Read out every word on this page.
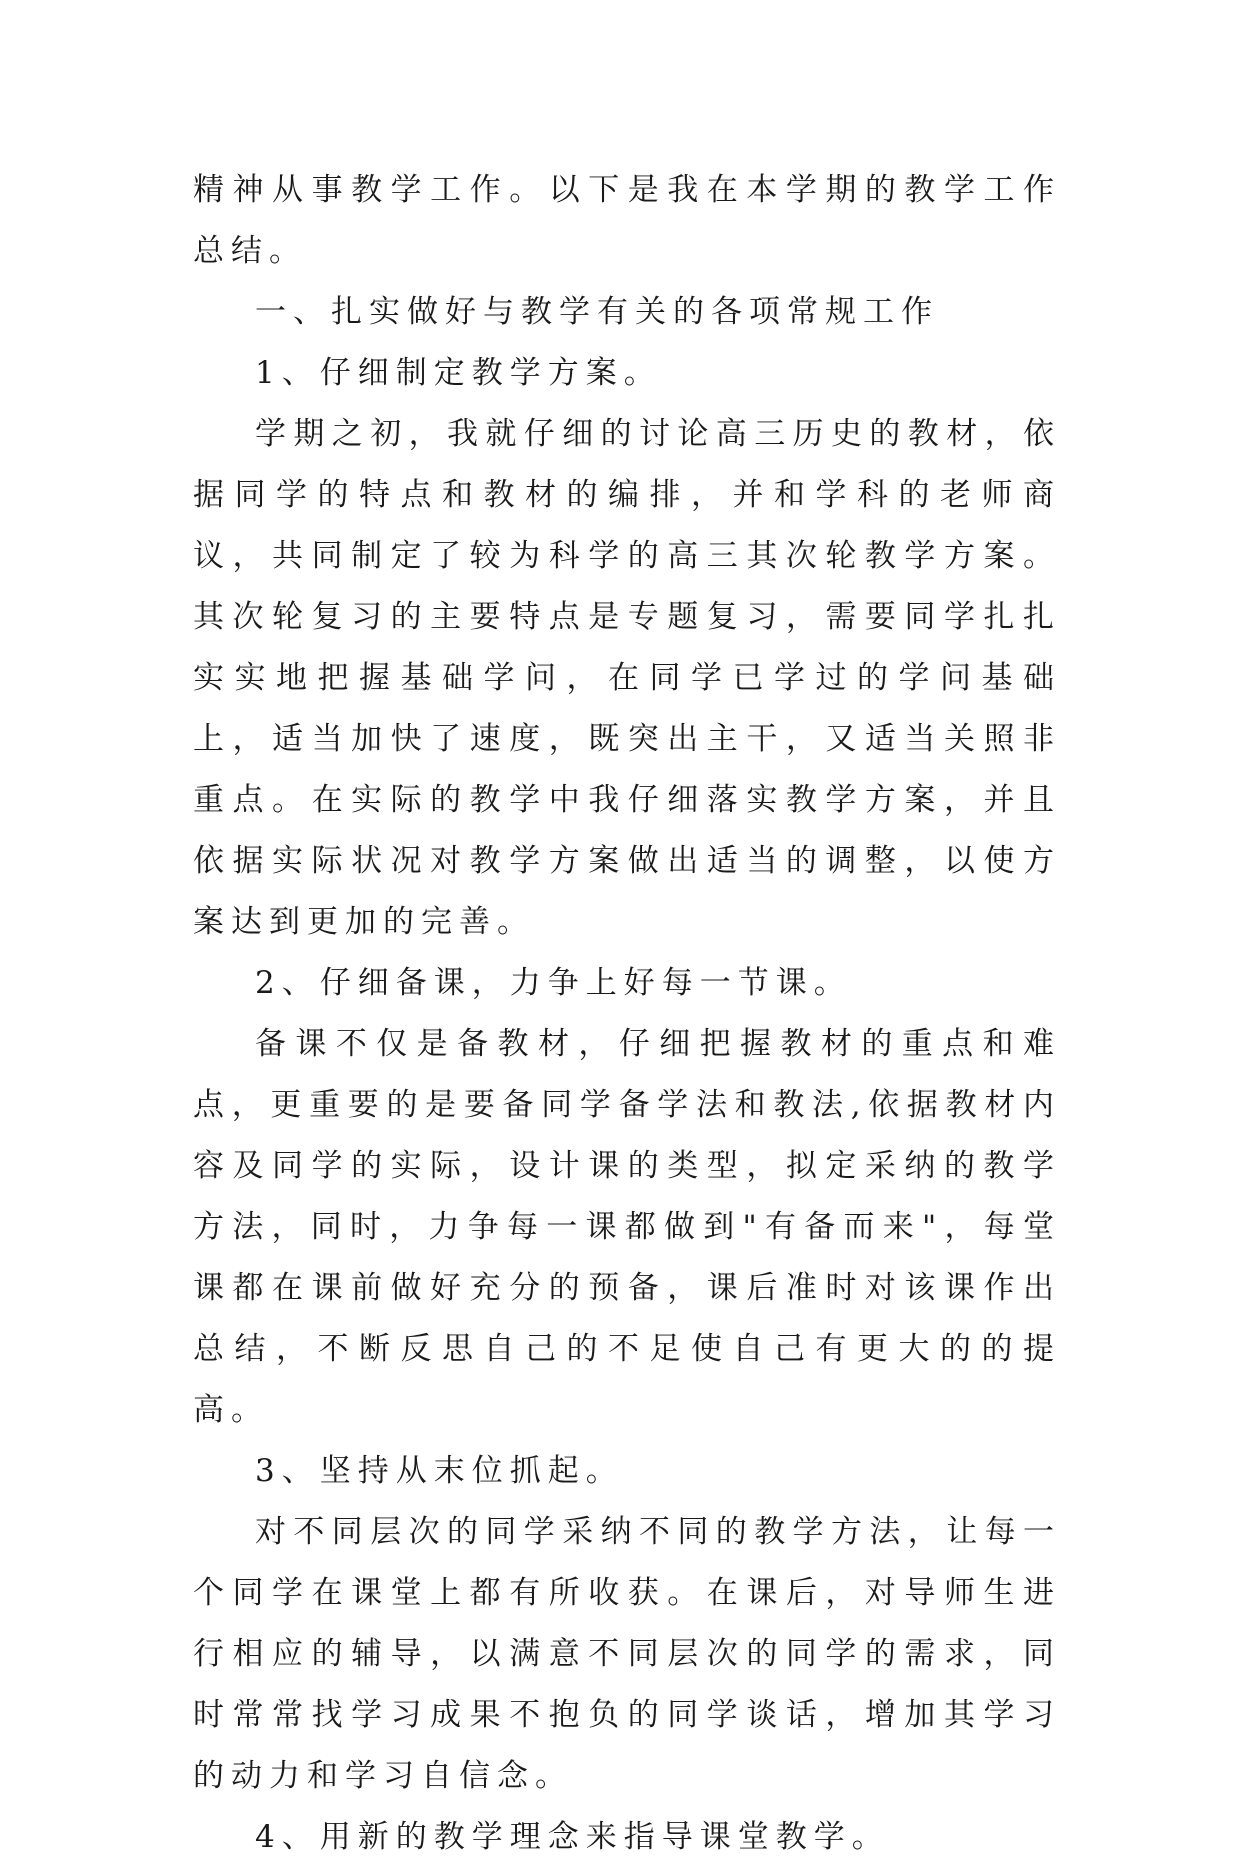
精神从事教学工作。以下是我在本学期的教学工作总结。

一、扎实做好与教学有关的各项常规工作

1、仔细制定教学方案。

学期之初，我就仔细的讨论高三历史的教材，依据同学的特点和教材的编排，并和学科的老师商议，共同制定了较为科学的高三其次轮教学方案。其次轮复习的主要特点是专题复习，需要同学扎扎实实地把握基础学问，在同学已学过的学问基础上，适当加快了速度，既突出主干，又适当关照非重点。在实际的教学中我仔细落实教学方案，并且依据实际状况对教学方案做出适当的调整，以使方案达到更加的完善。

2、仔细备课，力争上好每一节课。

备课不仅是备教材，仔细把握教材的重点和难点，更重要的是要备同学备学法和教法,依据教材内容及同学的实际，设计课的类型，拟定采纳的教学方法，同时，力争每一课都做到"有备而来"，每堂课都在课前做好充分的预备，课后准时对该课作出总结，不断反思自己的不足使自己有更大的的提高。

3、坚持从末位抓起。

对不同层次的同学采纳不同的教学方法，让每一个同学在课堂上都有所收获。在课后，对导师生进行相应的辅导，以满意不同层次的同学的需求，同时常常找学习成果不抱负的同学谈话，增加其学习的动力和学习自信念。

4、用新的教学理念来指导课堂教学。
